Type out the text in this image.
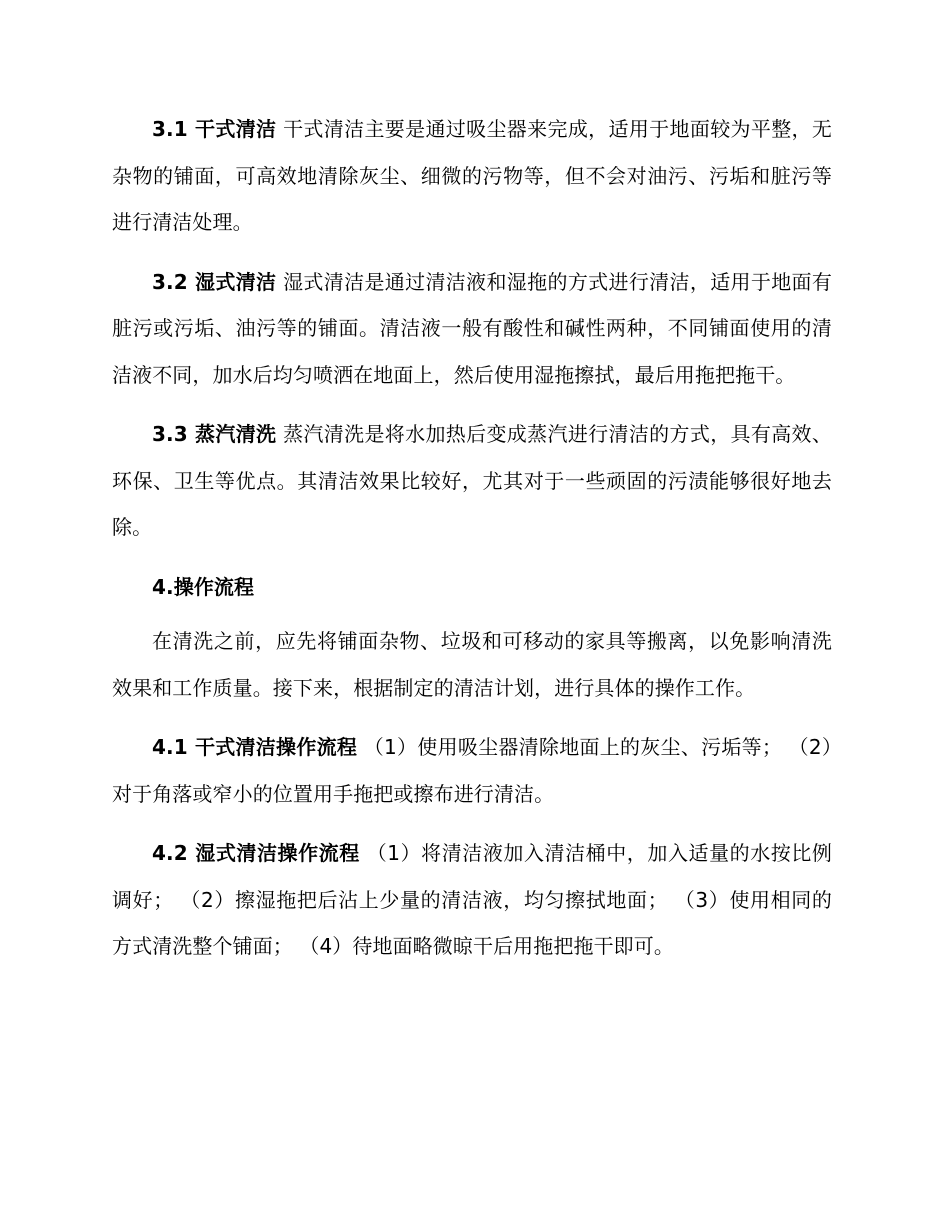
3.1 干式清洁 干式清洁主要是通过吸尘器来完成，适用于地面较为平整，无杂物的铺面，可高效地清除灰尘、细微的污物等，但不会对油污、污垢和脏污等进行清洁处理。

3.2 湿式清洁 湿式清洁是通过清洁液和湿拖的方式进行清洁，适用于地面有脏污或污垢、油污等的铺面。清洁液一般有酸性和碱性两种，不同铺面使用的清洁液不同，加水后均匀喷洒在地面上，然后使用湿拖擦拭，最后用拖把拖干。

3.3 蒸汽清洗 蒸汽清洗是将水加热后变成蒸汽进行清洁的方式，具有高效、环保、卫生等优点。其清洁效果比较好，尤其对于一些顽固的污渍能够很好地去除。

4.操作流程

在清洗之前，应先将铺面杂物、垃圾和可移动的家具等搬离，以免影响清洗效果和工作质量。接下来，根据制定的清洁计划，进行具体的操作工作。

4.1 干式清洁操作流程 （1）使用吸尘器清除地面上的灰尘、污垢等； （2）对于角落或窄小的位置用手拖把或擦布进行清洁。

4.2 湿式清洁操作流程 （1）将清洁液加入清洁桶中，加入适量的水按比例调好； （2）擦湿拖把后沾上少量的清洁液，均匀擦拭地面； （3）使用相同的方式清洗整个铺面； （4）待地面略微晾干后用拖把拖干即可。
